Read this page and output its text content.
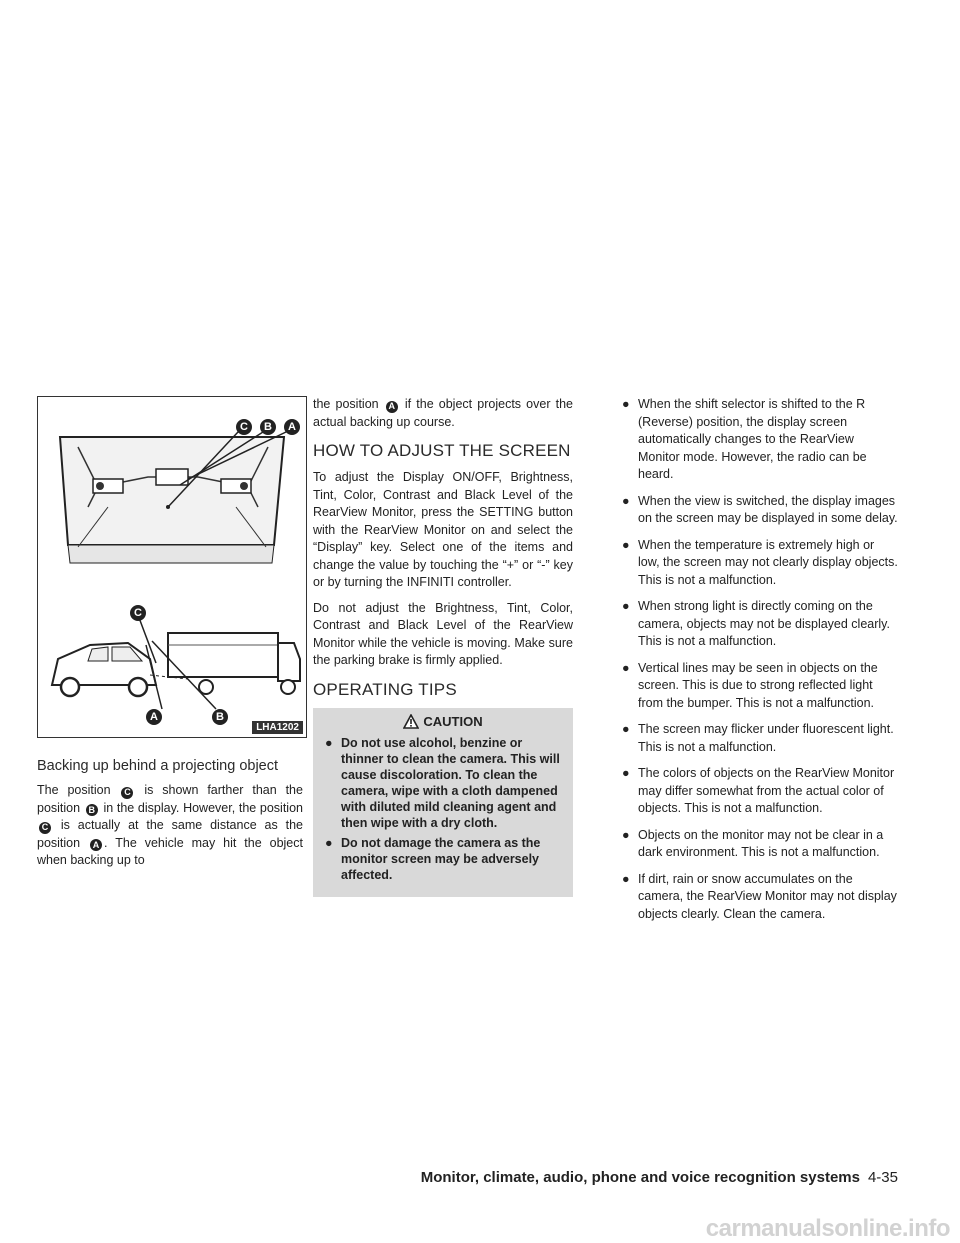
C	B	A
C
A	B
LHA1202
Backing up behind a projecting object

The position C is shown farther than the position B in the display. However, the position C is actually at the same distance as the position A . The vehicle may hit the object when backing up to

the position A if the object projects over the actual backing up course.

HOW TO ADJUST THE SCREEN

To adjust the Display ON/OFF, Brightness, Tint, Color, Contrast and Black Level of the RearView Monitor, press the SETTING button with the RearView Monitor on and select the “Display” key. Select one of the items and change the value by touching the “+” or “-” key or by turning the INFINITI controller.

Do not adjust the Brightness, Tint, Color, Contrast and Black Level of the RearView Monitor while the vehicle is moving. Make sure the parking brake is firmly applied.

OPERATING TIPS
CAUTION
● Do not use alcohol, benzine or thinner to clean the camera. This will cause discoloration. To clean the camera, wipe with a cloth dampened with diluted mild cleaning agent and then wipe with a dry cloth.
● Do not damage the camera as the monitor screen may be adversely affected.
● When the shift selector is shifted to the R (Reverse) position, the display screen automatically changes to the RearView Monitor mode. However, the radio can be heard.
● When the view is switched, the display images on the screen may be displayed in some delay.
● When the temperature is extremely high or low, the screen may not clearly display objects. This is not a malfunction.
● When strong light is directly coming on the camera, objects may not be displayed clearly. This is not a malfunction.
● Vertical lines may be seen in objects on the screen. This is due to strong reflected light from the bumper. This is not a malfunction.
● The screen may flicker under fluorescent light. This is not a malfunction.
● The colors of objects on the RearView Monitor may differ somewhat from the actual color of objects. This is not a malfunction.
● Objects on the monitor may not be clear in a dark environment. This is not a malfunction.
● If dirt, rain or snow accumulates on the camera, the RearView Monitor may not display objects clearly. Clean the camera.
Monitor, climate, audio, phone and voice recognition systems 4-35
carmanualsonline.info
